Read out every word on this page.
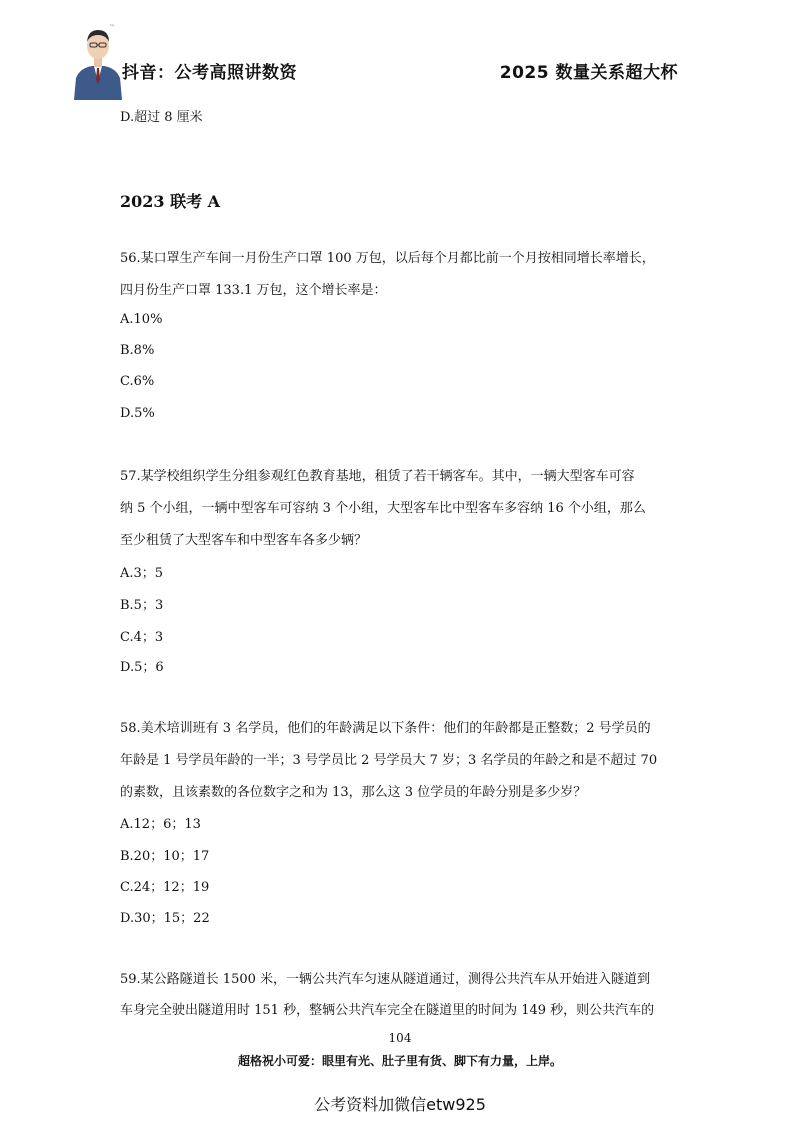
™
抖音：公考高照讲数资	2025 数量关系超大杯
D.超过 8 厘米
2023 联考 A
56.某口罩生产车间一月份生产口罩 100 万包，以后每个月都比前一个月按相同增长率增长，
四月份生产口罩 133.1 万包，这个增长率是：
A.10%
B.8%
C.6%
D.5%
57.某学校组织学生分组参观红色教育基地，租赁了若干辆客车。其中，一辆大型客车可容
纳 5 个小组，一辆中型客车可容纳 3 个小组，大型客车比中型客车多容纳 16 个小组，那么
至少租赁了大型客车和中型客车各多少辆？
A.3；5
B.5；3
C.4；3
D.5；6
58.美术培训班有 3 名学员，他们的年龄满足以下条件：他们的年龄都是正整数；2 号学员的
年龄是 1 号学员年龄的一半；3 号学员比 2 号学员大 7 岁；3 名学员的年龄之和是不超过 70
的素数，且该素数的各位数字之和为 13，那么这 3 位学员的年龄分别是多少岁？
A.12；6；13
B.20；10；17
C.24；12；19
D.30；15；22
59.某公路隧道长 1500 米，一辆公共汽车匀速从隧道通过，测得公共汽车从开始进入隧道到
车身完全驶出隧道用时 151 秒，整辆公共汽车完全在隧道里的时间为 149 秒，则公共汽车的
104
超格祝小可爱：眼里有光、肚子里有货、脚下有力量，上岸。
公考资料加微信etw925
